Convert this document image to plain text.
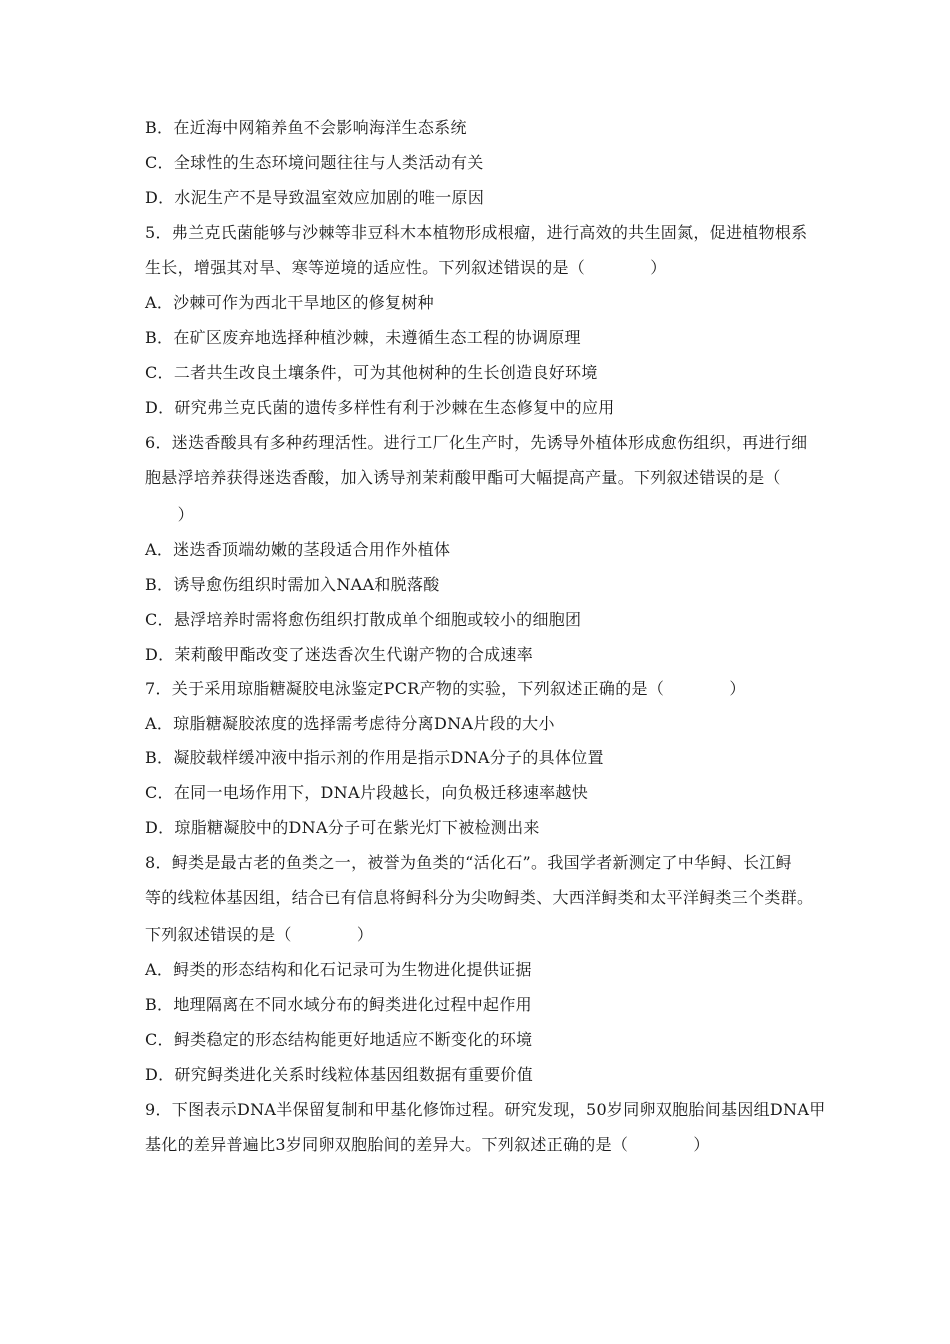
B．在近海中网箱养鱼不会影响海洋生态系统
C．全球性的生态环境问题往往与人类活动有关
D．水泥生产不是导致温室效应加剧的唯一原因
5．弗兰克氏菌能够与沙棘等非豆科木本植物形成根瘤，进行高效的共生固氮，促进植物根系
生长，增强其对旱、寒等逆境的适应性。下列叙述错误的是（　　　　）
A．沙棘可作为西北干旱地区的修复树种
B．在矿区废弃地选择种植沙棘，未遵循生态工程的协调原理
C．二者共生改良土壤条件，可为其他树种的生长创造良好环境
D．研究弗兰克氏菌的遗传多样性有利于沙棘在生态修复中的应用
6．迷迭香酸具有多种药理活性。进行工厂化生产时，先诱导外植体形成愈伤组织，再进行细
胞悬浮培养获得迷迭香酸，加入诱导剂茉莉酸甲酯可大幅提高产量。下列叙述错误的是（
　　）
A．迷迭香顶端幼嫩的茎段适合用作外植体
B．诱导愈伤组织时需加入NAA和脱落酸
C．悬浮培养时需将愈伤组织打散成单个细胞或较小的细胞团
D．茉莉酸甲酯改变了迷迭香次生代谢产物的合成速率
7．关于采用琼脂糖凝胶电泳鉴定PCR产物的实验，下列叙述正确的是（　　　　）
A．琼脂糖凝胶浓度的选择需考虑待分离DNA片段的大小
B．凝胶载样缓冲液中指示剂的作用是指示DNA分子的具体位置
C．在同一电场作用下，DNA片段越长，向负极迁移速率越快
D．琼脂糖凝胶中的DNA分子可在紫光灯下被检测出来
8．鲟类是最古老的鱼类之一，被誉为鱼类的“活化石”。我国学者新测定了中华鲟、长江鲟
等的线粒体基因组，结合已有信息将鲟科分为尖吻鲟类、大西洋鲟类和太平洋鲟类三个类群。
下列叙述错误的是（　　　　）
A．鲟类的形态结构和化石记录可为生物进化提供证据
B．地理隔离在不同水域分布的鲟类进化过程中起作用
C．鲟类稳定的形态结构能更好地适应不断变化的环境
D．研究鲟类进化关系时线粒体基因组数据有重要价值
9．下图表示DNA半保留复制和甲基化修饰过程。研究发现，50岁同卵双胞胎间基因组DNA甲
基化的差异普遍比3岁同卵双胞胎间的差异大。下列叙述正确的是（　　　　）
